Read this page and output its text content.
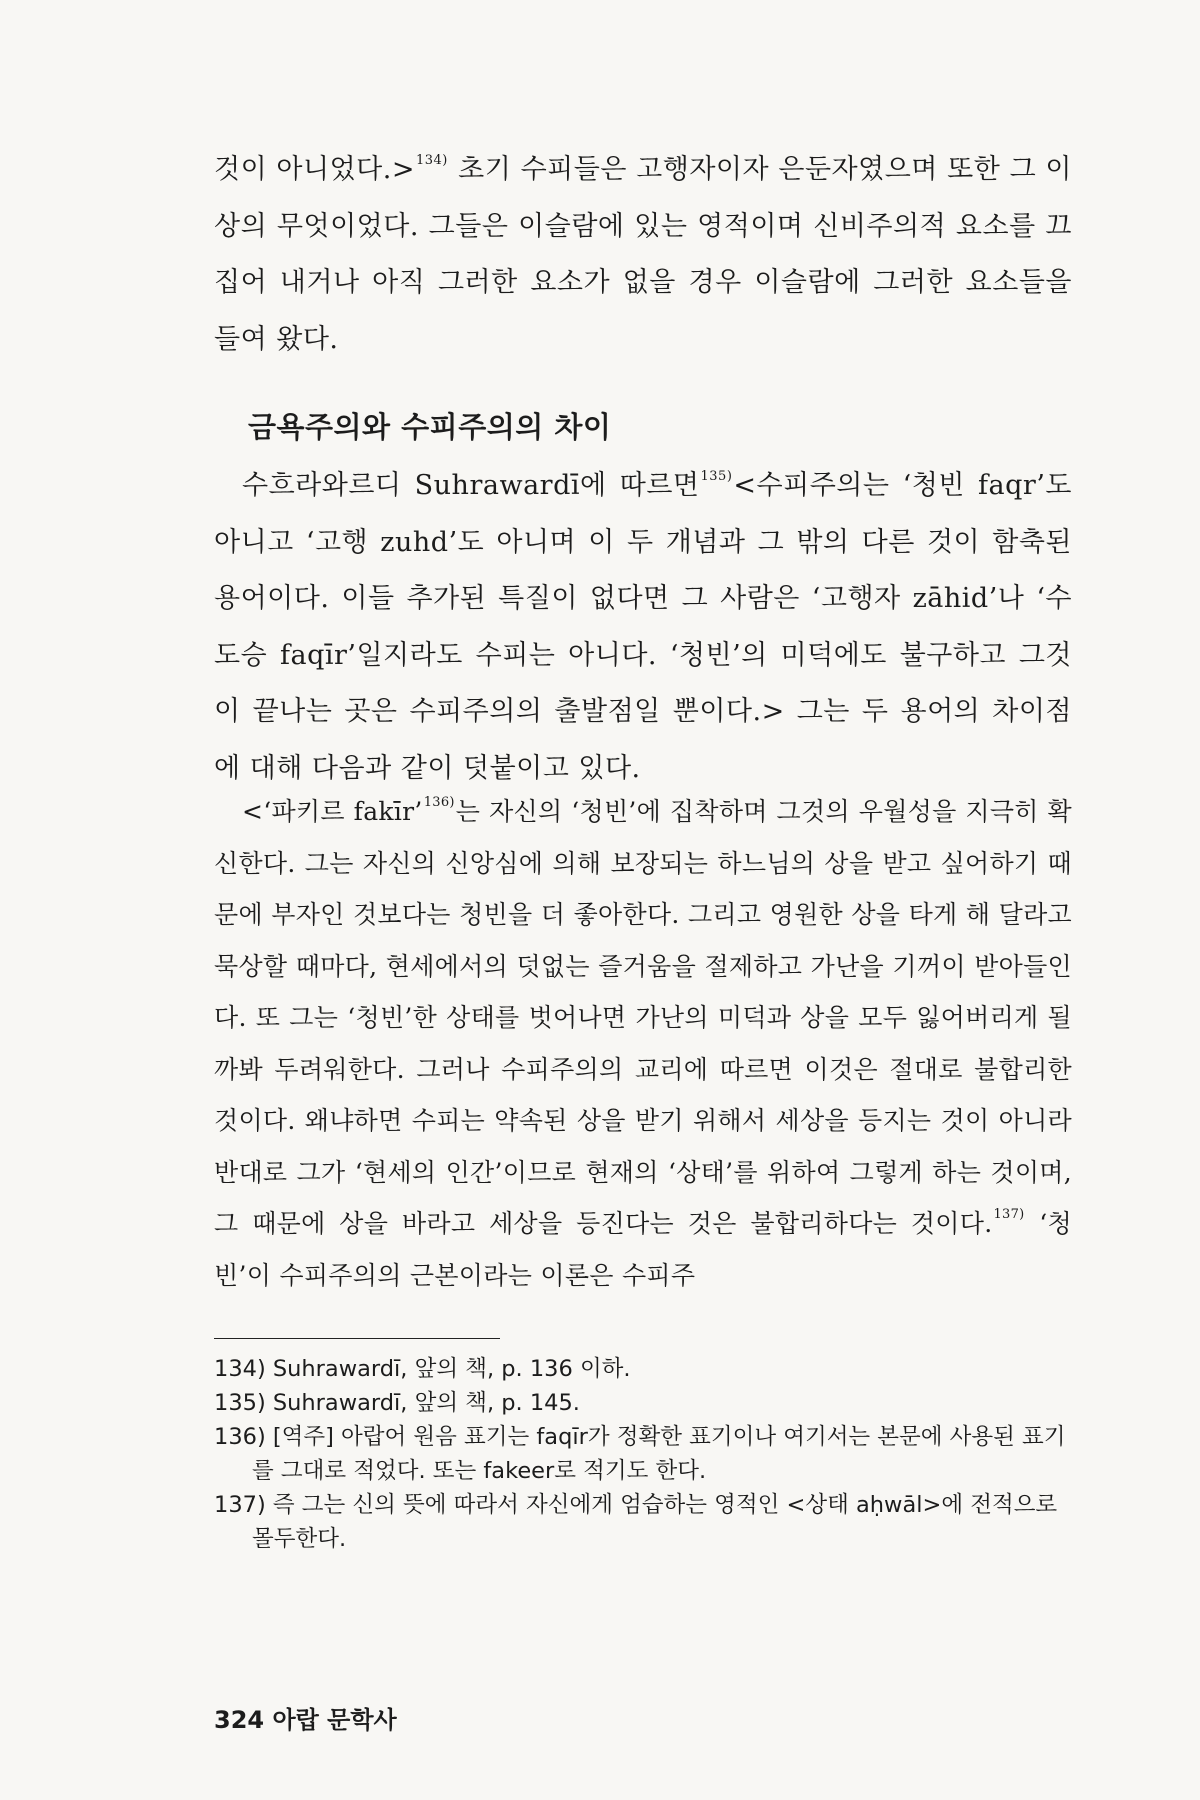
것이 아니었다.>$^{134)}$ 초기 수피들은 고행자이자 은둔자였으며 또한 그 이상의 무엇이었다. 그들은 이슬람에 있는 영적이며 신비주의적 요소를 끄집어 내거나 아직 그러한 요소가 없을 경우 이슬람에 그러한 요소들을 들여 왔다.

금욕주의와 수피주의의 차이

수흐라와르디 Suhrawardī에 따르면$^{135)}$<수피주의는 ‘청빈 faqr’도 아니고 ‘고행 zuhd’도 아니며 이 두 개념과 그 밖의 다른 것이 함축된 용어이다. 이들 추가된 특질이 없다면 그 사람은 ‘고행자 zāhid’나 ‘수도승 faqīr’일지라도 수피는 아니다. ‘청빈’의 미덕에도 불구하고 그것이 끝나는 곳은 수피주의의 출발점일 뿐이다.> 그는 두 용어의 차이점에 대해 다음과 같이 덧붙이고 있다.

<‘파키르 fakīr’$^{136)}$는 자신의 ‘청빈’에 집착하며 그것의 우월성을 지극히 확신한다. 그는 자신의 신앙심에 의해 보장되는 하느님의 상을 받고 싶어하기 때문에 부자인 것보다는 청빈을 더 좋아한다. 그리고 영원한 상을 타게 해 달라고 묵상할 때마다, 현세에서의 덧없는 즐거움을 절제하고 가난을 기꺼이 받아들인다. 또 그는 ‘청빈’한 상태를 벗어나면 가난의 미덕과 상을 모두 잃어버리게 될까봐 두려워한다. 그러나 수피주의의 교리에 따르면 이것은 절대로 불합리한 것이다. 왜냐하면 수피는 약속된 상을 받기 위해서 세상을 등지는 것이 아니라 반대로 그가 ‘현세의 인간’이므로 현재의 ‘상태’를 위하여 그렇게 하는 것이며, 그 때문에 상을 바라고 세상을 등진다는 것은 불합리하다는 것이다.$^{137)}$ ‘청빈’이 수피주의의 근본이라는 이론은 수피주

134) Suhrawardī, 앞의 책, p. 136 이하.
135) Suhrawardī, 앞의 책, p. 145.
136) [역주] 아랍어 원음 표기는 faqīr가 정확한 표기이나 여기서는 본문에 사용된 표기를 그대로 적었다. 또는 fakeer로 적기도 한다.
137) 즉 그는 신의 뜻에 따라서 자신에게 엄습하는 영적인 <상태 aḥwāl>에 전적으로 몰두한다.

324 아랍 문학사
